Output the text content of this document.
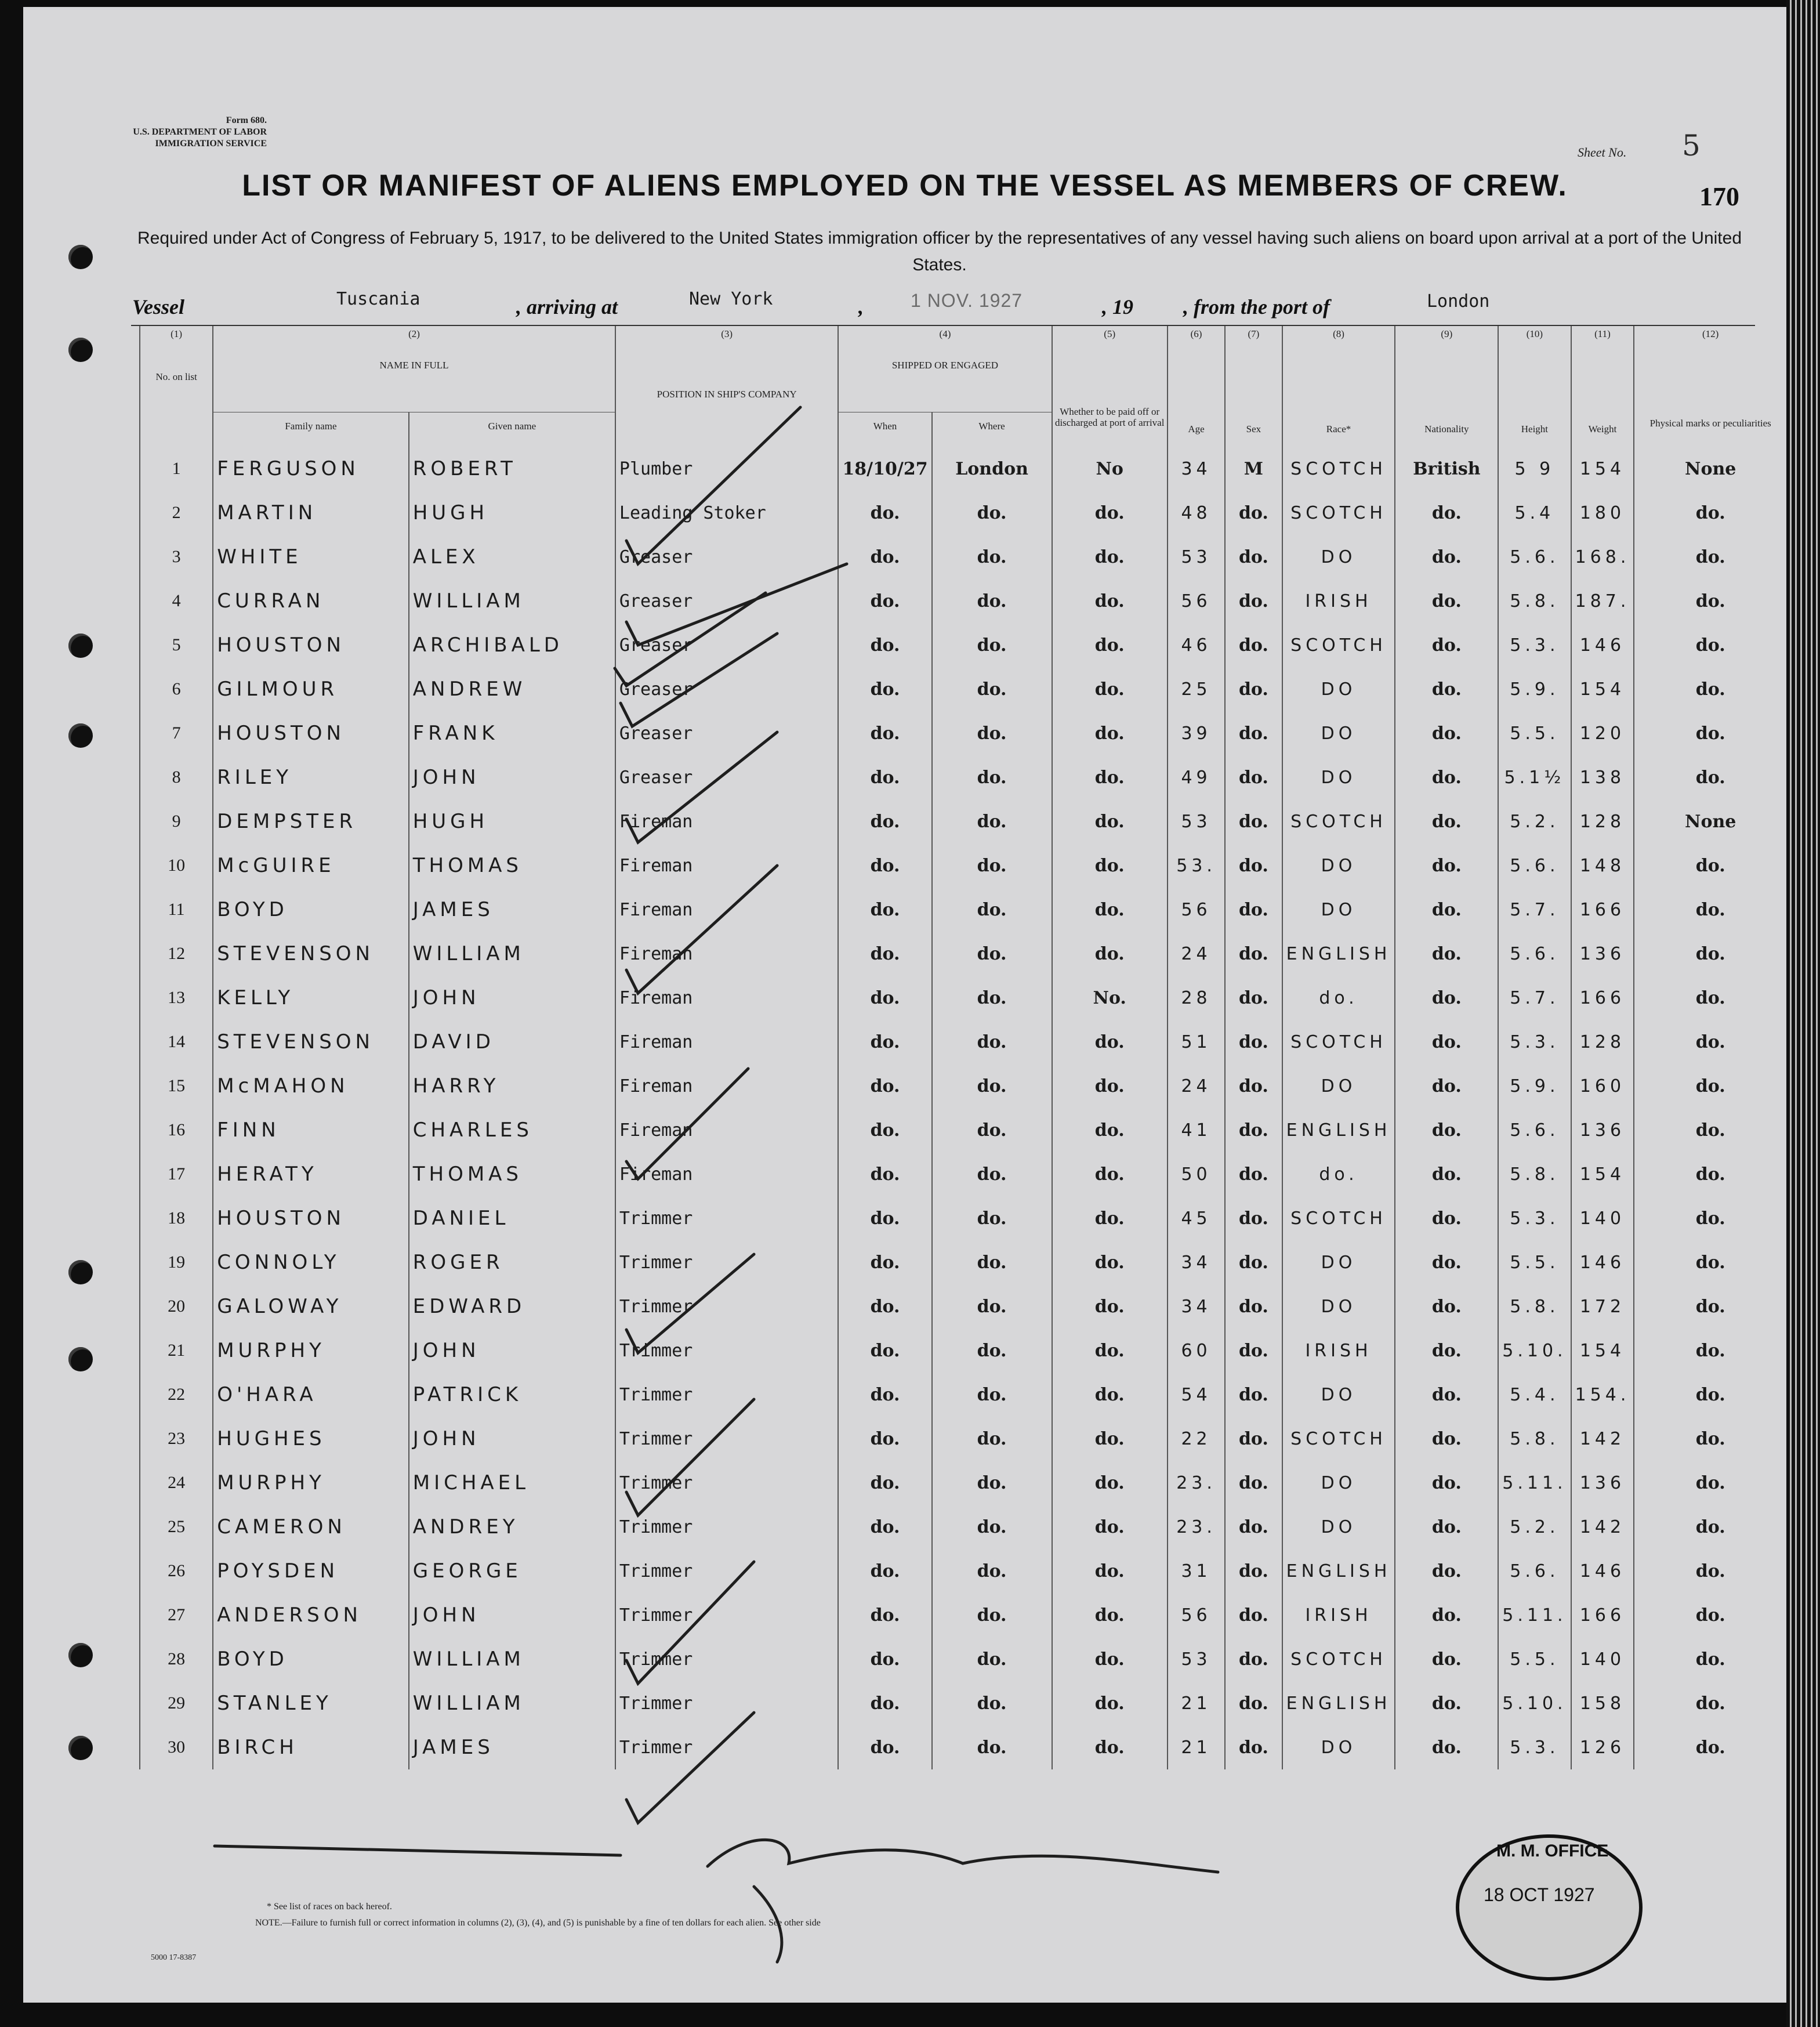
Form 680.
U.S. DEPARTMENT OF LABOR
IMMIGRATION SERVICE
Sheet No. 5
170
LIST OR MANIFEST OF ALIENS EMPLOYED ON THE VESSEL AS MEMBERS OF CREW.
Required under Act of Congress of February 5, 1917, to be delivered to the United States immigration officer by the representatives of any vessel having such aliens on board upon arrival at a port of the United States.
Vessel	Tuscania	, arriving at	New York	,	1 NOV. 1927	, 19 , from the port of	London
(1)	(2)		(3)	(4)		(5)	(6)	(7)	(8)	(9)	(10)	(11)	(12)
No. on list	NAME IN FULL		POSITION IN SHIP'S COMPANY	SHIPPED OR ENGAGED		Whether to be paid off or discharged at port of arrival	Age	Sex	Race*	Nationality	Height	Weight	Physical marks or peculiarities
	Family name	Given name		When	Where								
1	FERGUSON	ROBERT	Plumber	18/10/27	London	No	34	M	SCOTCH	British	5 9	154	None
2	MARTIN	HUGH	Leading Stoker	do.	do.	do.	48	do.	SCOTCH	do.	5.4	180	do.
3	WHITE	ALEX	Greaser	do.	do.	do.	53	do.	DO	do.	5.6.	168.	do.
4	CURRAN	WILLIAM	Greaser	do.	do.	do.	56	do.	IRISH	do.	5.8.	187.	do.
5	HOUSTON	ARCHIBALD	Greaser	do.	do.	do.	46	do.	SCOTCH	do.	5.3.	146	do.
6	GILMOUR	ANDREW	Greaser	do.	do.	do.	25	do.	DO	do.	5.9.	154	do.
7	HOUSTON	FRANK	Greaser	do.	do.	do.	39	do.	DO	do.	5.5.	120	do.
8	RILEY	JOHN	Greaser	do.	do.	do.	49	do.	DO	do.	5.1½	138	do.
9	DEMPSTER	HUGH	Fireman	do.	do.	do.	53	do.	SCOTCH	do.	5.2.	128	None
10	McGUIRE	THOMAS	Fireman	do.	do.	do.	53.	do.	DO	do.	5.6.	148	do.
11	BOYD	JAMES	Fireman	do.	do.	do.	56	do.	DO	do.	5.7.	166	do.
12	STEVENSON	WILLIAM	Fireman	do.	do.	do.	24	do.	ENGLISH	do.	5.6.	136	do.
13	KELLY	JOHN	Fireman	do.	do.	No.	28	do.	do.	do.	5.7.	166	do.
14	STEVENSON	DAVID	Fireman	do.	do.	do.	51	do.	SCOTCH	do.	5.3.	128	do.
15	McMAHON	HARRY	Fireman	do.	do.	do.	24	do.	DO	do.	5.9.	160	do.
16	FINN	CHARLES	Fireman	do.	do.	do.	41	do.	ENGLISH	do.	5.6.	136	do.
17	HERATY	THOMAS	Fireman	do.	do.	do.	50	do.	do.	do.	5.8.	154	do.
18	HOUSTON	DANIEL	Trimmer	do.	do.	do.	45	do.	SCOTCH	do.	5.3.	140	do.
19	CONNOLY	ROGER	Trimmer	do.	do.	do.	34	do.	DO	do.	5.5.	146	do.
20	GALOWAY	EDWARD	Trimmer	do.	do.	do.	34	do.	DO	do.	5.8.	172	do.
21	MURPHY	JOHN	Trimmer	do.	do.	do.	60	do.	IRISH	do.	5.10.	154	do.
22	O'HARA	PATRICK	Trimmer	do.	do.	do.	54	do.	DO	do.	5.4.	154.	do.
23	HUGHES	JOHN	Trimmer	do.	do.	do.	22	do.	SCOTCH	do.	5.8.	142	do.
24	MURPHY	MICHAEL	Trimmer	do.	do.	do.	23.	do.	DO	do.	5.11.	136	do.
25	CAMERON	ANDREY	Trimmer	do.	do.	do.	23.	do.	DO	do.	5.2.	142	do.
26	POYSDEN	GEORGE	Trimmer	do.	do.	do.	31	do.	ENGLISH	do.	5.6.	146	do.
27	ANDERSON	JOHN	Trimmer	do.	do.	do.	56	do.	IRISH	do.	5.11.	166	do.
28	BOYD	WILLIAM	Trimmer	do.	do.	do.	53	do.	SCOTCH	do.	5.5.	140	do.
29	STANLEY	WILLIAM	Trimmer	do.	do.	do.	21	do.	ENGLISH	do.	5.10.	158	do.
30	BIRCH	JAMES	Trimmer	do.	do.	do.	21	do.	DO	do.	5.3.	126	do.
* See list of races on back hereof.
NOTE.—Failure to furnish full or correct information in columns (2), (3), (4), and (5) is punishable by a fine of ten dollars for each alien. See other side
5000 17-8387
M. M. OFFICE
18 OCT 1927
